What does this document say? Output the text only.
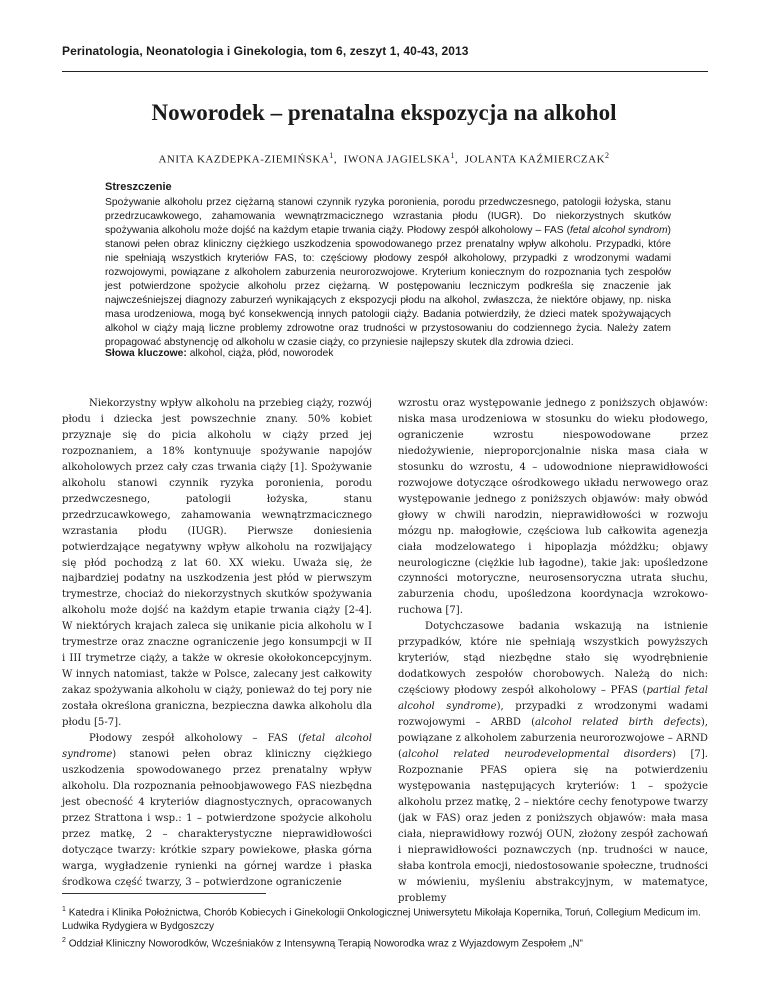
Perinatologia, Neonatologia i Ginekologia, tom 6, zeszyt 1, 40-43, 2013
Noworodek – prenatalna ekspozycja na alkohol
ANITA KAZDEPKA-ZIEMIŃSKA$^1$,  IWONA JAGIELSKA$^1$,  JOLANTA KAŹMIERCZAK$^2$
Streszczenie
Spożywanie alkoholu przez ciężarną stanowi czynnik ryzyka poronienia, porodu przedwczesnego, patologii łożyska, stanu przedrzucawkowego, zahamowania wewnątrzmacicznego wzrastania płodu (IUGR). Do niekorzystnych skutków spożywania alkoholu może dojść na każdym etapie trwania ciąży. Płodowy zespół alkoholowy – FAS (fetal alcohol syndrom) stanowi pełen obraz kliniczny ciężkiego uszkodzenia spowodowanego przez prenatalny wpływ alkoholu. Przypadki, które nie spełniają wszystkich kryteriów FAS, to: częściowy płodowy zespół alkoholowy, przypadki z wrodzonymi wadami rozwojowymi, powiązane z alkoholem zaburzenia neurorozwojowe. Kryterium koniecznym do rozpoznania tych zespołów jest potwierdzone spożycie alkoholu przez ciężarną. W postępowaniu leczniczym podkreśla się znaczenie jak najwcześniejszej diagnozy zaburzeń wynikających z ekspozycji płodu na alkohol, zwłaszcza, że niektóre objawy, np. niska masa urodzeniowa, mogą być konsekwencją innych patologii ciąży. Badania potwierdziły, że dzieci matek spożywających alkohol w ciąży mają liczne problemy zdrowotne oraz trudności w przystosowaniu do codziennego życia. Należy zatem propagować abstynencję od alkoholu w czasie ciąży, co przyniesie najlepszy skutek dla zdrowia dzieci.
Słowa kluczowe: alkohol, ciąża, płód, noworodek

Niekorzystny wpływ alkoholu na przebieg ciąży, rozwój płodu i dziecka jest powszechnie znany. 50% kobiet przyznaje się do picia alkoholu w ciąży przed jej rozpoznaniem, a 18% kontynuuje spożywanie napojów alkoholowych przez cały czas trwania ciąży [1]. Spożywanie alkoholu stanowi czynnik ryzyka poronienia, porodu przedwczesnego, patologii łożyska, stanu przedrzucawkowego, zahamowania wewnątrzmacicznego wzrastania płodu (IUGR). Pierwsze doniesienia potwierdzające negatywny wpływ alkoholu na rozwijający się płód pochodzą z lat 60. XX wieku. Uważa się, że najbardziej podatny na uszkodzenia jest płód w pierwszym trymestrze, chociaż do niekorzystnych skutków spożywania alkoholu może dojść na każdym etapie trwania ciąży [2-4]. W niektórych krajach zaleca się unikanie picia alkoholu w I trymestrze oraz znaczne ograniczenie jego konsumpcji w II i III trymetrze ciąży, a także w okresie okołokoncepcyjnym. W innych natomiast, także w Polsce, zalecany jest całkowity zakaz spożywania alkoholu w ciąży, ponieważ do tej pory nie została określona graniczna, bezpieczna dawka alkoholu dla płodu [5-7].

Płodowy zespół alkoholowy – FAS (fetal alcohol syndrome) stanowi pełen obraz kliniczny ciężkiego uszkodzenia spowodowanego przez prenatalny wpływ alkoholu. Dla rozpoznania pełnoobjawowego FAS niezbędna jest obecność 4 kryteriów diagnostycznych, opracowanych przez Strattona i wsp.: 1 – potwierdzone spożycie alkoholu przez matkę, 2 – charakterystyczne nieprawidłowości dotyczące twarzy: krótkie szpary powiekowe, płaska górna warga, wygładzenie rynienki na górnej wardze i płaska środkowa część twarzy, 3 – potwierdzone ograniczenie

wzrostu oraz występowanie jednego z poniższych objawów: niska masa urodzeniowa w stosunku do wieku płodowego, ograniczenie wzrostu niespowodowane przez niedożywienie, nieproporcjonalnie niska masa ciała w stosunku do wzrostu, 4 – udowodnione nieprawidłowości rozwojowe dotyczące ośrodkowego układu nerwowego oraz występowanie jednego z poniższych objawów: mały obwód głowy w chwili narodzin, nieprawidłowości w rozwoju mózgu np. małogłowie, częściowa lub całkowita agenezja ciała modzelowatego i hipoplazja móżdżku; objawy neurologiczne (ciężkie lub łagodne), takie jak: upośledzone czynności motoryczne, neurosensoryczna utrata słuchu, zaburzenia chodu, upośledzona koordynacja wzrokowo-ruchowa [7].

Dotychczasowe badania wskazują na istnienie przypadków, które nie spełniają wszystkich powyższych kryteriów, stąd niezbędne stało się wyodrębnienie dodatkowych zespołów chorobowych. Należą do nich: częściowy płodowy zespół alkoholowy – PFAS (partial fetal alcohol syndrome), przypadki z wrodzonymi wadami rozwojowymi – ARBD (alcohol related birth defects), powiązane z alkoholem zaburzenia neurorozwojowe – ARND (alcohol related neurodevelopmental disorders) [7]. Rozpoznanie PFAS opiera się na potwierdzeniu występowania następujących kryteriów: 1 – spożycie alkoholu przez matkę, 2 – niektóre cechy fenotypowe twarzy (jak w FAS) oraz jeden z poniższych objawów: mała masa ciała, nieprawidłowy rozwój OUN, złożony zespół zachowań i nieprawidłowości poznawczych (np. trudności w nauce, słaba kontrola emocji, niedostosowanie społeczne, trudności w mówieniu, myśleniu abstrakcyjnym, w matematyce, problemy

$^1$ Katedra i Klinika Położnictwa, Chorób Kobiecych i Ginekologii Onkologicznej Uniwersytetu Mikołaja Kopernika, Toruń, Collegium Medicum im. Ludwika Rydygiera w Bydgoszczy
$^2$ Oddział Kliniczny Noworodków, Wcześniaków z Intensywną Terapią Noworodka wraz z Wyjazdowym Zespołem „N”
